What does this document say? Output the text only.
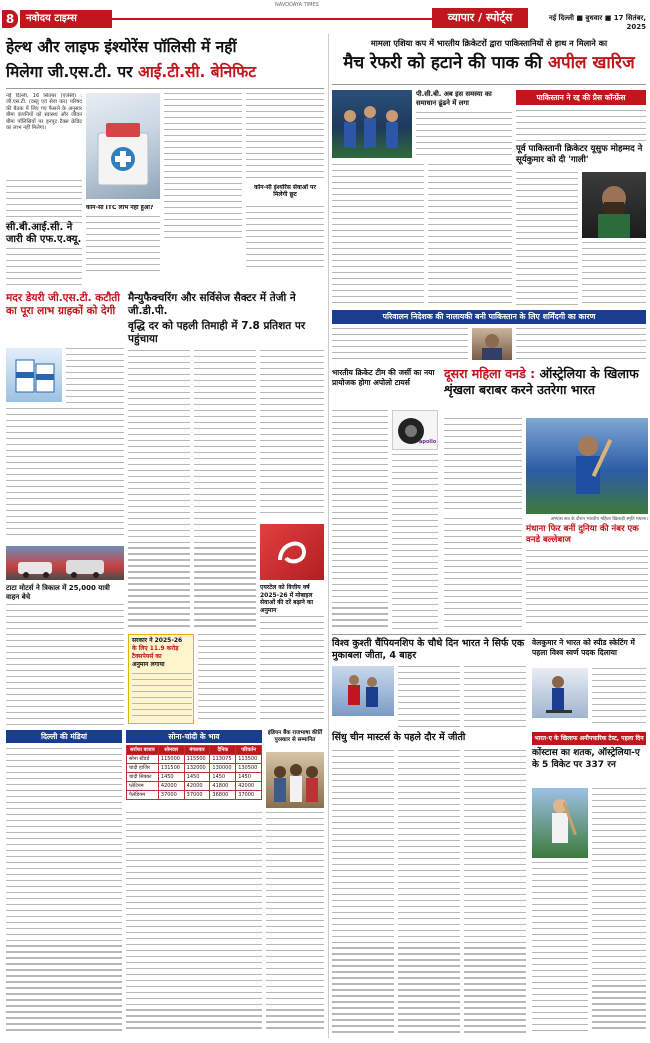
8	नवोदय टाइम्स
NAVODAYA TIMES
व्यापार / स्पोर्ट्स	नई दिल्ली ■ बुधवार ■ 17 सितंबर, 2025
हेल्थ और लाइफ इंश्योरेंस पॉलिसी में नहीं
मिलेगा जी.एस.टी. पर आई.टी.सी. बेनिफिट
नई दिल्ली, 16 सितंबर (एजेंसी) : जी.एस.टी. (वस्तु एवं सेवा कर) परिषद की बैठक में लिए गए फैसले के अनुसार बीमा कंपनियों को स्वास्थ्य और जीवन बीमा पॉलिसियों पर इनपुट टैक्स क्रेडिट का लाभ नहीं मिलेगा।
सी.बी.आई.सी. ने जारी की एफ.ए.क्यू.
कोन-सा ITC लाभ नहीं हुआ?
कोन-सी इंश्योरेंस सेवाओं पर मिलेगी छूट
मदर डेयरी जी.एस.टी. कटौती का पूरा लाभ ग्राहकों को देगी
टाटा मोटर्स ने त्रिकाल में 25,000 यात्री वाहन बेचे
मैन्युफैक्चरिंग और सर्विसेज सैक्टर में तेजी ने जी.डी.पी.
वृद्धि दर को पहली तिमाही में 7.8 प्रतिशत पर पहुंचाया
सरकार ने 2025-26
के लिए 11.9 करोड़
टैक्सपेयर्स का
अनुमान लगाया
एयरटेल को वित्तीय वर्ष 2025-26 में मोबाइल सेवाओं की दरें बढ़ाने का अनुमान
दिल्ली की मंडियां	सोना-चांदी के भाव
सर्राफा बाजार	सोमवार	मंगलवार	दैनिक	परिवर्तन
सोना स्टैंडर्ड	115000	115500	113075	113500
चांदी हाजिर	131500	132000	130000	130500
चांदी सिक्का	1450	1450	1450	1450
प्लेटिनम	42000	42000	41800	42000
पैलेडियम	37000	37000	36800	37000
इंडियन बैंक राजभाषा कीर्ति पुरस्कार से सम्मानित
मामला एशिया कप में भारतीय क्रिकेटरों द्वारा पाकिस्तानियों से हाथ न मिलाने का
मैच रेफरी को हटाने की पाक की अपील खारिज
पी.सी.बी. अब इस समस्या का समाधान ढूंढने में लगा
पाकिस्तान ने रद्द की प्रैस कॉन्फ्रेंस
पूर्व पाकिस्तानी क्रिकेटर यूसुफ मोहम्मद ने सूर्यकुमार को दी 'गाली'
परिवालन निदेशक की नालायकी बनी पाकिस्तान के लिए शर्मिंदगी का कारण
भारतीय क्रिकेट टीम की जर्सी का नया प्रायोजक होगा अपोलो टायर्स
apollo
दूसरा महिला वनडे : ऑस्ट्रेलिया के खिलाफ शृंखला बराबर करने उतरेगा भारत
अभ्यास सत्र के दौरान भारतीय महिला खिलाड़ी स्मृति मंधाना।
मंधाना फिर बनीं दुनिया की नंबर एक वनडे बल्लेबाज
विश्व कुश्ती चैंपियनशिप के चौथे दिन भारत ने सिर्फ एक मुकाबला जीता, 4 बाहर
वेलकुमार ने भारत को स्पीड स्केटिंग में पहला विश्व स्वर्ण पदक दिलाया
सिंधु चीन मास्टर्स के पहले दौर में जीती	भारत-ए के खिलाफ अनौपचारिक टेस्ट, पहला दिन
कोंस्टास का शतक, ऑस्ट्रेलिया-ए के 5 विकेट पर 337 रन
